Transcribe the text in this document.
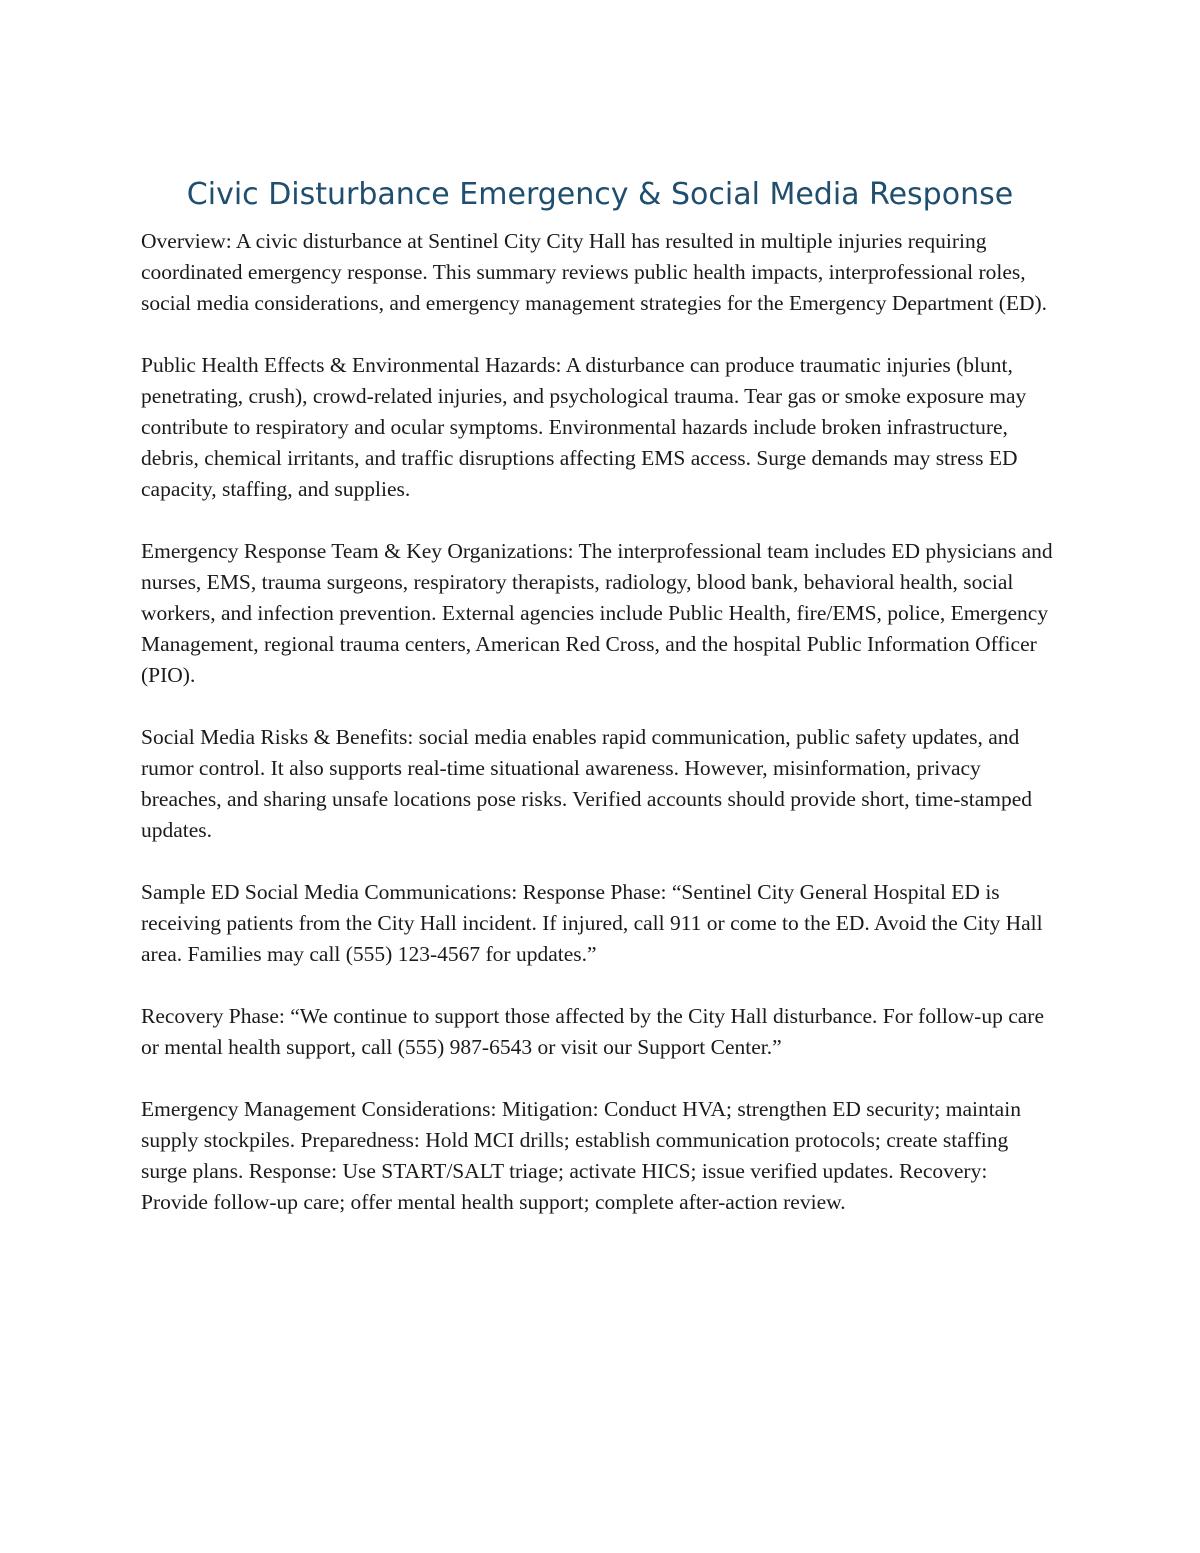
Civic Disturbance Emergency & Social Media Response

Overview: A civic disturbance at Sentinel City City Hall has resulted in multiple injuries requiring coordinated emergency response. This summary reviews public health impacts, interprofessional roles, social media considerations, and emergency management strategies for the Emergency Department (ED).

Public Health Effects & Environmental Hazards: A disturbance can produce traumatic injuries (blunt, penetrating, crush), crowd-related injuries, and psychological trauma. Tear gas or smoke exposure may contribute to respiratory and ocular symptoms. Environmental hazards include broken infrastructure, debris, chemical irritants, and traffic disruptions affecting EMS access. Surge demands may stress ED capacity, staffing, and supplies.

Emergency Response Team & Key Organizations: The interprofessional team includes ED physicians and nurses, EMS, trauma surgeons, respiratory therapists, radiology, blood bank, behavioral health, social workers, and infection prevention. External agencies include Public Health, fire/EMS, police, Emergency Management, regional trauma centers, American Red Cross, and the hospital Public Information Officer (PIO).

Social Media Risks & Benefits: social media enables rapid communication, public safety updates, and rumor control. It also supports real-time situational awareness. However, misinformation, privacy breaches, and sharing unsafe locations pose risks. Verified accounts should provide short, time-stamped updates.

Sample ED Social Media Communications: Response Phase: “Sentinel City General Hospital ED is receiving patients from the City Hall incident. If injured, call 911 or come to the ED. Avoid the City Hall area. Families may call (555) 123-4567 for updates.”

Recovery Phase: “We continue to support those affected by the City Hall disturbance. For follow-up care or mental health support, call (555) 987-6543 or visit our Support Center.”

Emergency Management Considerations: Mitigation: Conduct HVA; strengthen ED security; maintain supply stockpiles. Preparedness: Hold MCI drills; establish communication protocols; create staffing surge plans. Response: Use START/SALT triage; activate HICS; issue verified updates. Recovery: Provide follow-up care; offer mental health support; complete after-action review.
